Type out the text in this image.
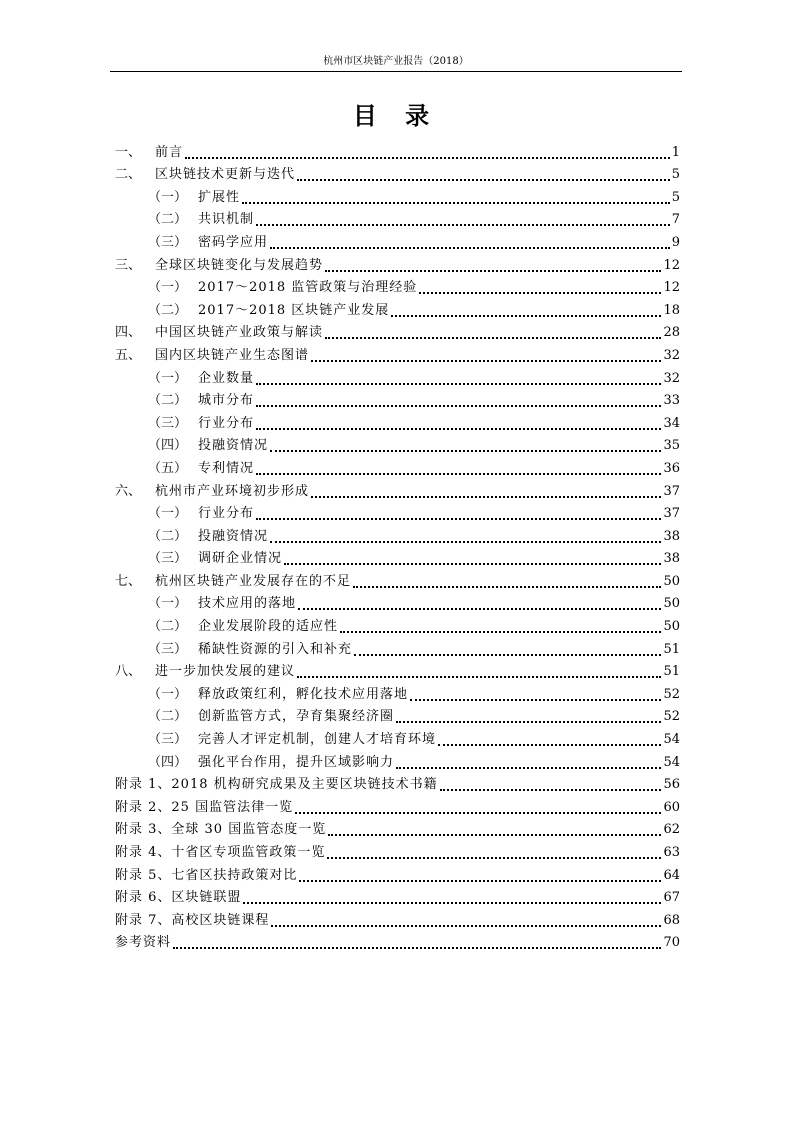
杭州市区块链产业报告（2018）
目 录
一、	前言	1
二、	区块链技术更新与迭代	5
（一） 扩展性	5
（二） 共识机制	7
（三） 密码学应用	9
三、	全球区块链变化与发展趋势	12
（一） 2017～2018 监管政策与治理经验	12
（二） 2017～2018 区块链产业发展	18
四、	中国区块链产业政策与解读	28
五、	国内区块链产业生态图谱	32
（一） 企业数量	32
（二） 城市分布	33
（三） 行业分布	34
（四） 投融资情况	35
（五） 专利情况	36
六、	杭州市产业环境初步形成	37
（一） 行业分布	37
（二） 投融资情况	38
（三） 调研企业情况	38
七、	杭州区块链产业发展存在的不足	50
（一） 技术应用的落地	50
（二） 企业发展阶段的适应性	50
（三） 稀缺性资源的引入和补充	51
八、	进一步加快发展的建议	51
（一） 释放政策红利，孵化技术应用落地	52
（二） 创新监管方式，孕育集聚经济圈	52
（三） 完善人才评定机制，创建人才培育环境	54
（四） 强化平台作用，提升区域影响力	54
附录 1、2018 机构研究成果及主要区块链技术书籍	56
附录 2、25 国监管法律一览	60
附录 3、全球 30 国监管态度一览	62
附录 4、十省区专项监管政策一览	63
附录 5、七省区扶持政策对比	64
附录 6、区块链联盟	67
附录 7、高校区块链课程	68
参考资料	70
